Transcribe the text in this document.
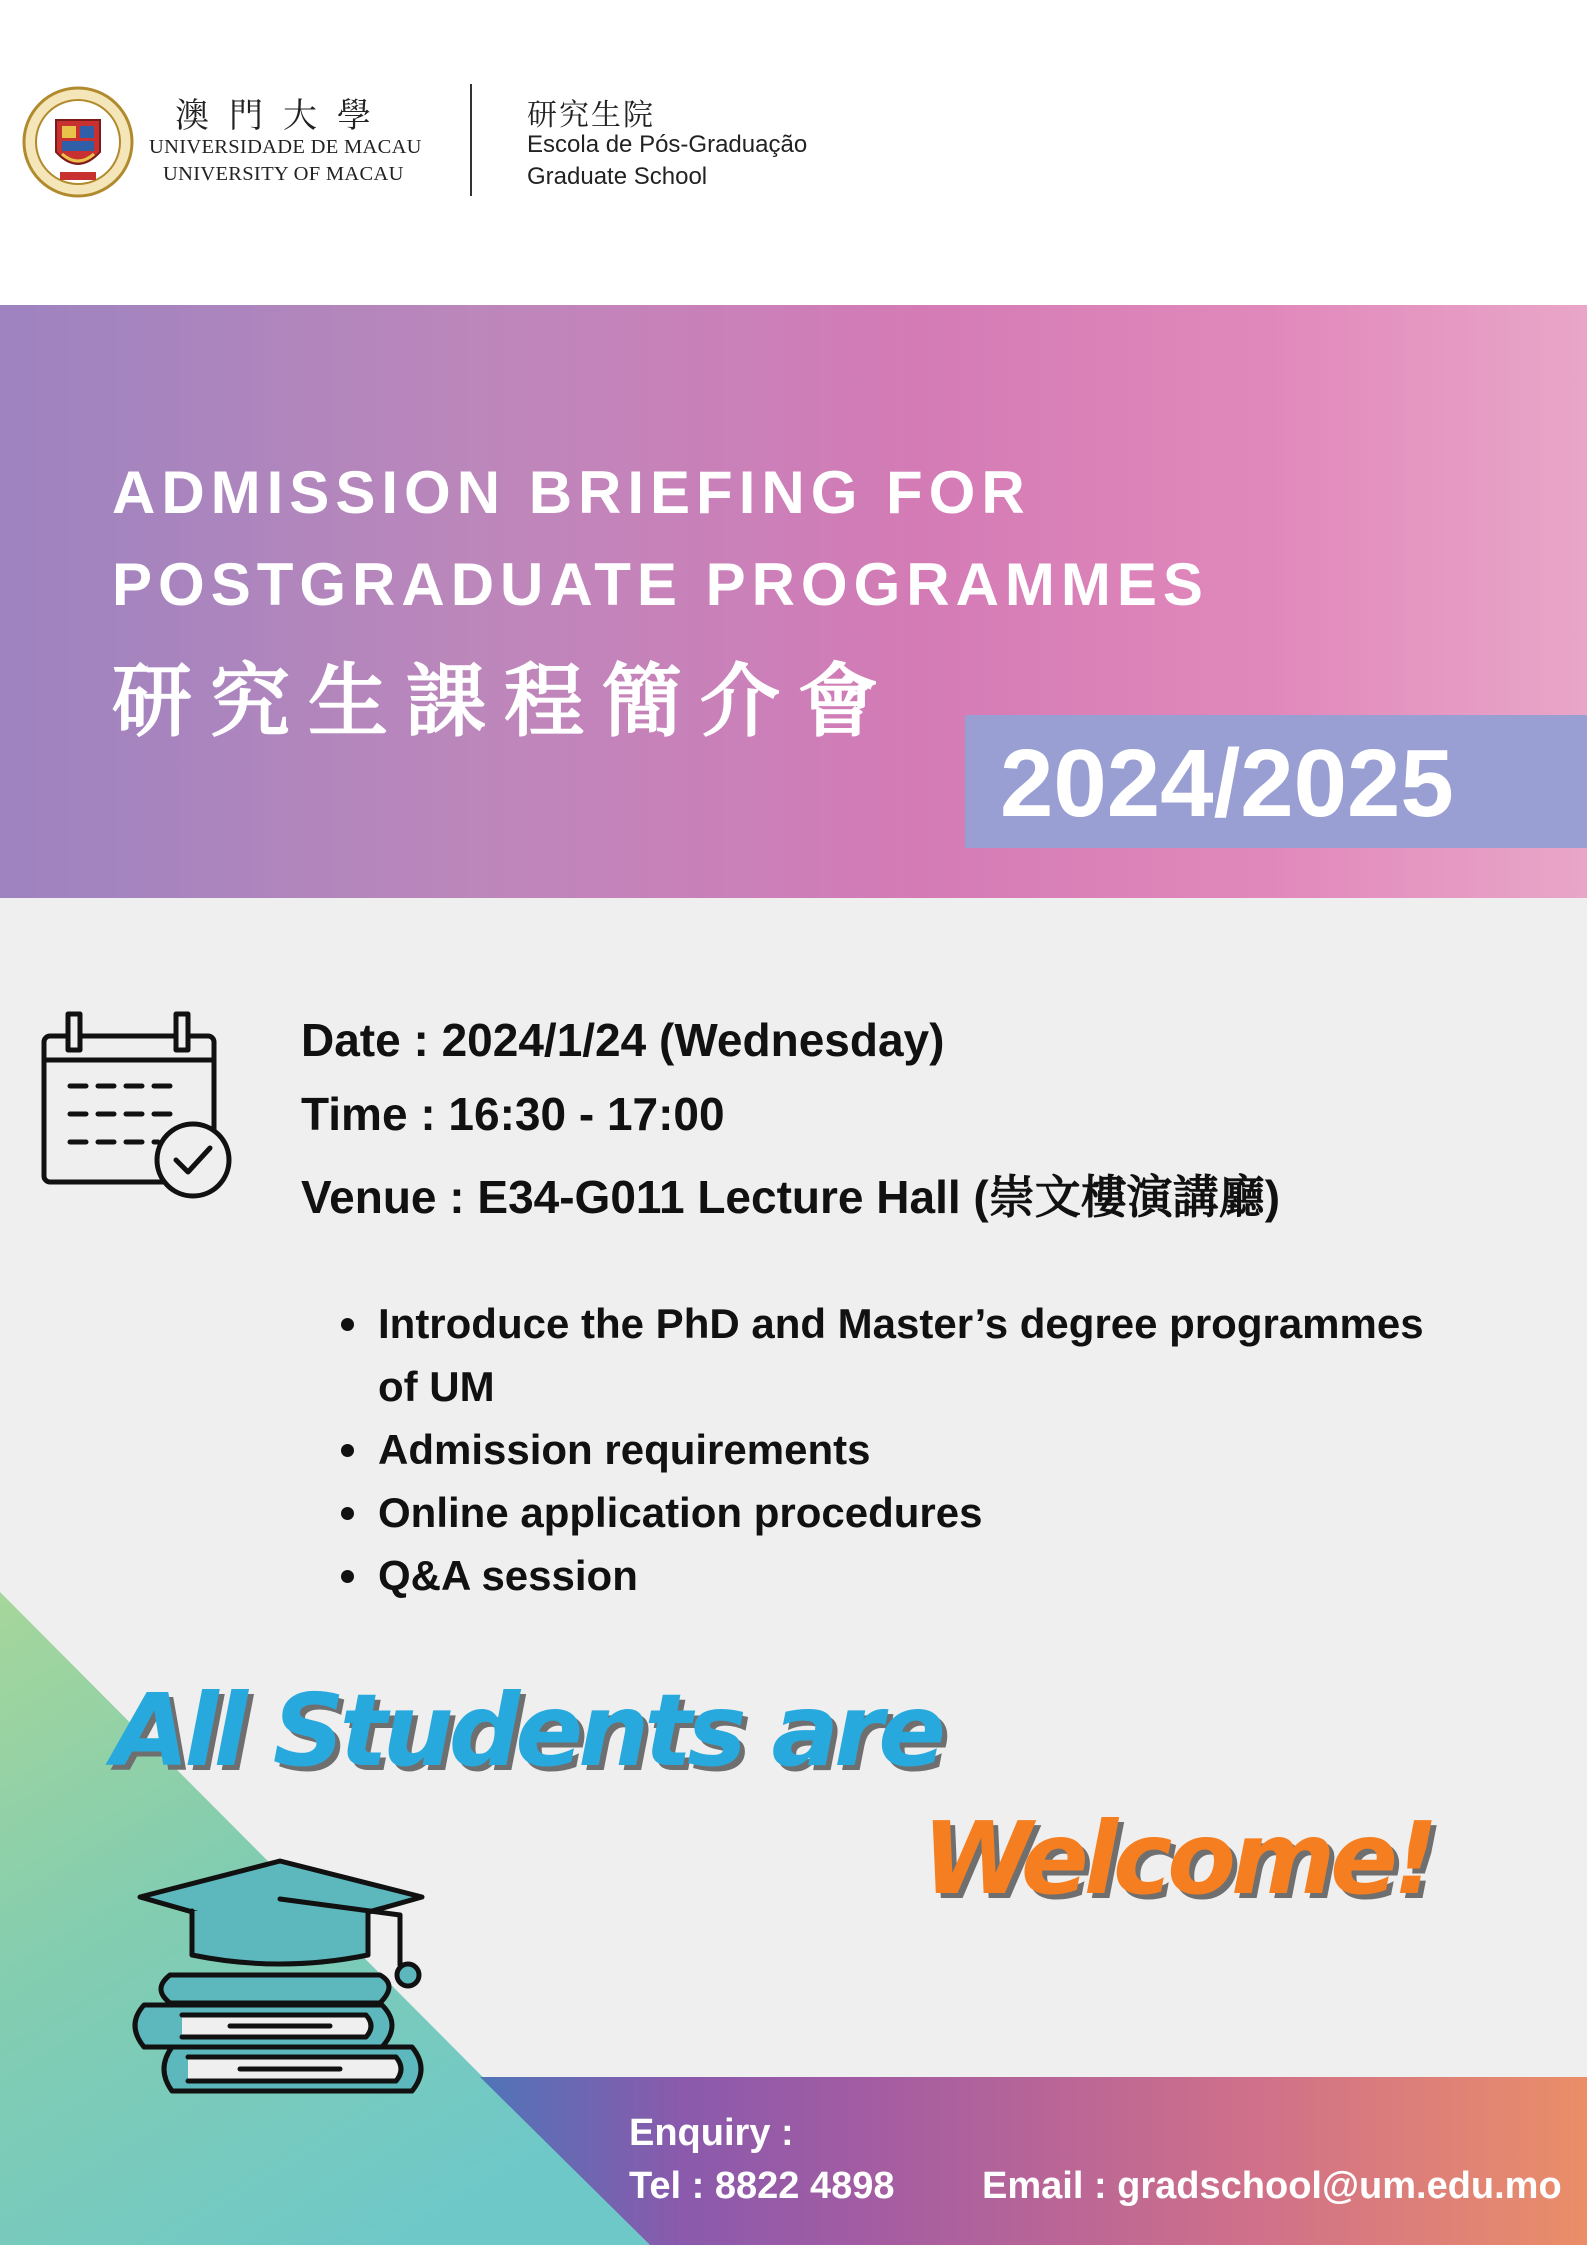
澳門大學
UNIVERSIDADE DE MACAU
UNIVERSITY OF MACAU
研究生院
Escola de Pós-Graduação
Graduate School
ADMISSION BRIEFING FOR
POSTGRADUATE PROGRAMMES
研究生課程簡介會
2024/2025
Date : 2024/1/24 (Wednesday)
Time : 16:30 - 17:00
Venue : E34-G011 Lecture Hall (崇文樓演講廳)
Introduce the PhD and Master’s degree programmes
of UM
Admission requirements
Online application procedures
Q&A session
All Students are
Welcome!
Enquiry :
Tel : 8822 4898 Email : gradschool@um.edu.mo
